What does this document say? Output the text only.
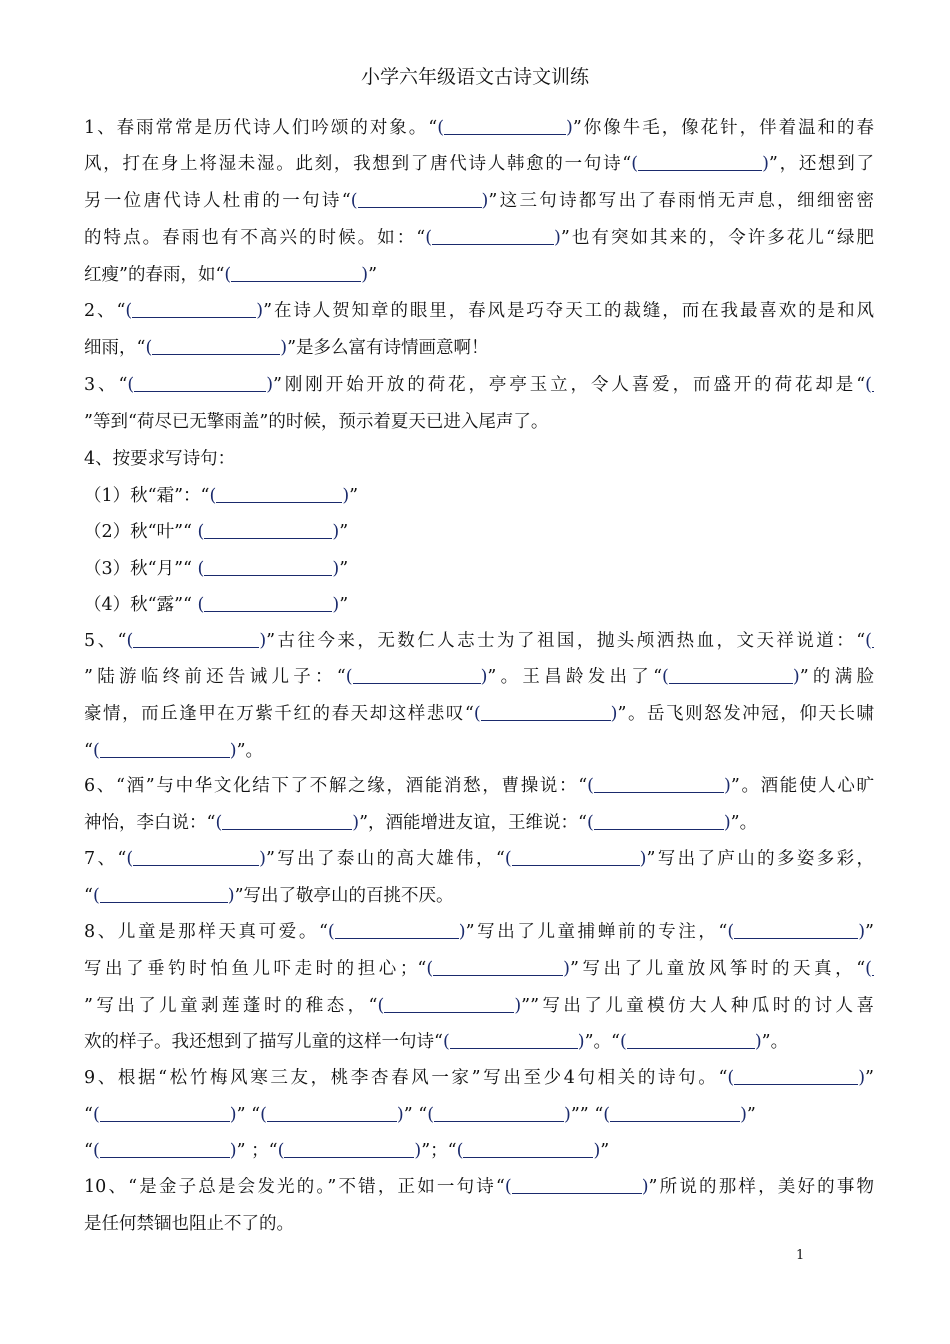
小学六年级语文古诗文训练
1、春雨常常是历代诗人们吟颂的对象。“(	)”你像牛毛，像花针，伴着温和的春
风，打在身上将湿未湿。此刻，我想到了唐代诗人韩愈的一句诗“(	)”，还想到了
另一位唐代诗人杜甫的一句诗“(	)”这三句诗都写出了春雨悄无声息，细细密密
的特点。春雨也有不高兴的时候。如：“(	)”也有突如其来的，令许多花儿“绿肥
红瘦”的春雨，如“(	)”
2、“(	)”在诗人贺知章的眼里，春风是巧夺天工的裁缝，而在我最喜欢的是和风
细雨，“(	)”是多么富有诗情画意啊！
3、“(	)”刚刚开始开放的荷花，亭亭玉立，令人喜爱，而盛开的荷花却是“(
”等到“荷尽已无擎雨盖”的时候，预示着夏天已进入尾声了。
4、按要求写诗句：
（1）秋“霜”：“(	)”
（2）秋“叶”“ (	)”
（3）秋“月”“ (	)”
（4）秋“露”“ (	)”
5、“(	)”古往今来，无数仁人志士为了祖国，抛头颅洒热血，文天祥说道：“(
”陆游临终前还告诫儿子：“(	)”。王昌龄发出了“(	)”的满脸
豪情，而丘逢甲在万紫千红的春天却这样悲叹“(	)”。岳飞则怒发冲冠，仰天长啸
“(	)”。
6、“酒”与中华文化结下了不解之缘，酒能消愁，曹操说：“(	)”。酒能使人心旷
神怡，李白说：“(	)”，酒能增进友谊，王维说：“(	)”。
7、“(	)”写出了泰山的高大雄伟，“(	)”写出了庐山的多姿多彩，
“(	)”写出了敬亭山的百挑不厌。
8、儿童是那样天真可爱。“(	)”写出了儿童捕蝉前的专注，“(	)”
写出了垂钓时怕鱼儿吓走时的担心；“(	)”写出了儿童放风筝时的天真，“(
”写出了儿童剥莲蓬时的稚态，“(	)””写出了儿童模仿大人种瓜时的讨人喜
欢的样子。我还想到了描写儿童的这样一句诗“(	)”。“(	)”。
9、根据“松竹梅风寒三友，桃李杏春风一家”写出至少4句相关的诗句。“(	)”
“(	)” “(	)” “(	)”” “(	)”
“(	)” ；“(	)”；“(	)”
10、“是金子总是会发光的。”不错，正如一句诗“(	)”所说的那样，美好的事物
是任何禁锢也阻止不了的。
1
